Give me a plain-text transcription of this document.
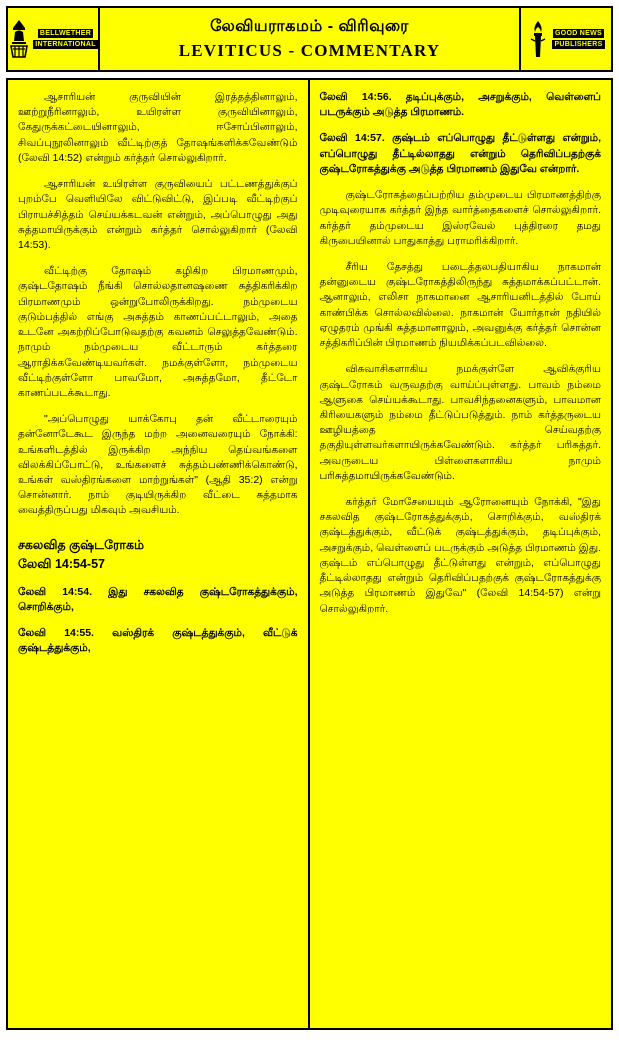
BELLWETHER
INTERNATIONAL
லேவியராகமம் - விரிவுரை
LEVITICUS - COMMENTARY
GOOD NEWS
PUBLISHERS

ஆசாரியன் குருவியின் இரத்தத்தினாலும், ஊற்றுநீரினாலும், உயிரள்ள குருவியினாலும், கேதுருக்கட்டையினாலும், ஈசோப்பினாலும், சிவப்புநூலினாலும் வீட்டிற்குத் தோஷங்களிக்கவேண்டும் (லேவி 14:52) என்றும் கர்த்தர் சொல்லுகிறார்.

ஆசாரியன் உயிரள்ள குருவியைப் பட்டணத்துக்குப் புறம்பே வெளியிலே விட்டுவிட்டு, இப்படி வீட்டிற்குப் பிராயச்சித்தம் செய்யக்கடவன் என்றும், அப்பொழுது அது சுத்தமாயிருக்கும் என்றும் கர்த்தர் சொல்லுகிறார் (லேவி 14:53).

வீட்டிற்கு தோஷம் கழிகிற பிரமாணமும், குஷ்டதோஷம் நீங்கி சொல்லதானஷணை சுத்திகரிக்கிற பிரமாணமும் ஒன்றுபோலிருக்கிறது. நம்முடைய குடும்பத்தில் எங்கு அசுத்தம் காணப்பட்டாலும், அதை உடனே அகற்றிப்போடுவதற்கு கவனம் செலுத்தவேண்டும். நாமும் நம்முடைய வீட்டாரும் கர்த்தரை ஆராதிக்கவேண்டியவர்கள். நமக்குள்ளோ, நம்முடைய வீட்டிற்குள்ளோ பாவமோ, அசுத்தமோ, தீட்டோ காணப்படக்கூடாது.

"அப்பொழுது யாக்கோபு தன் வீட்டாரையும் தன்னோடேகூட இருந்த மற்ற அனைவரையும் நோக்கி: உங்களிடத்தில் இருக்கிற அந்நிய தெய்வங்களை விலக்கிப்போட்டு, உங்களைச் சுத்தம்பண்ணிக்கொண்டு, உங்கள் வஸ்திரங்களை மாற்றுங்கள்" (ஆதி 35:2) என்று சொன்னார். நாம் குடியிருக்கிற வீட்டை சுத்தமாக வைத்திருப்பது மிகவும் அவசியம்.

சகலவித குஷ்டரோகம்
லேவி 14:54-57

லேவி 14:54. இது சகலவித குஷ்டரோகத்துக்கும், சொறிக்கும்,

லேவி 14:55. வஸ்திரக் குஷ்டத்துக்கும், வீட்டுக் குஷ்டத்துக்கும்,

லேவி 14:56. தடிப்புக்கும், அசறுக்கும், வெள்ளைப் படருக்கும் அடுத்த பிரமாணம்.

லேவி 14:57. குஷ்டம் எப்பொழுது தீட்டுள்ளது என்றும், எப்பொழுது தீட்டில்லாதது என்றும் தெரிவிப்பதற்குக் குஷ்டரோகத்துக்கு அடுத்த பிரமாணம் இதுவே என்றார்.

குஷ்டரோகத்தைப்பற்றிய தம்முடைய பிரமாணத்திற்கு முடிவுரையாக கர்த்தர் இந்த வார்த்தைகளைச் சொல்லுகிறார். கர்த்தர் தம்முடைய இஸ்ரவேல் புத்திரரை தமது கிருபையினால் பாதுகாத்து பராமரிக்கிறார்.

சீரிய தேசத்து படைத்தலபதியாகிய நாகமான் தன்னுடைய குஷ்டரோகத்திலிருந்து சுத்தமாக்கப்பட்டான். ஆனாலும், எலிசா நாகமானை ஆசாரியனிடத்தில் போய் காண்பிக்க சொல்லவில்லை. நாகமான் யோர்தான் நதியில் ஏழுதரம் முங்கி சுத்தமானாலும், அவனுக்கு கர்த்தர் சொன்ன சத்திகரிப்பின் பிரமாணம் நியமிக்கப்படவில்லை.

விசுவாசிகளாகிய நமக்குள்ளே ஆவிக்குரிய குஷ்டரோகம் வருவதற்கு வாய்ப்புள்ளது. பாவம் நம்மை ஆளுகை செய்யக்கூடாது. பாவசிந்தனைகளும், பாவமான கிரியைகளும் நம்மை தீட்டுப்படுத்தும். நாம் கர்த்தருடைய ஊழியத்தை செய்வதற்கு தகுதியுள்ளவர்களாயிருக்கவேண்டும். கர்த்தர் பரிசுத்தர். அவருடைய பிள்ளைகளாகிய நாமும் பரிசுத்தமாயிருக்கவேண்டும்.

கர்த்தர் மோசேயையும் ஆரோனையும் நோக்கி, "இது சகலவித குஷ்டரோகத்துக்கும், சொறிக்கும், வஸ்திரக் குஷ்டத்துக்கும், வீட்டுக் குஷ்டத்துக்கும், தடிப்புக்கும், அசறுக்கும், வெள்ளைப் படருக்கும் அடுத்த பிரமாணம் இது. குஷ்டம் எப்பொழுது தீட்டுள்ளது என்றும், எப்பொழுது தீட்டில்லாதது என்றும் தெரிவிப்பதற்குக் குஷ்டரோகத்துக்கு அடுத்த பிரமாணம் இதுவே" (லேவி 14:54-57) என்று சொல்லுகிறார்.
